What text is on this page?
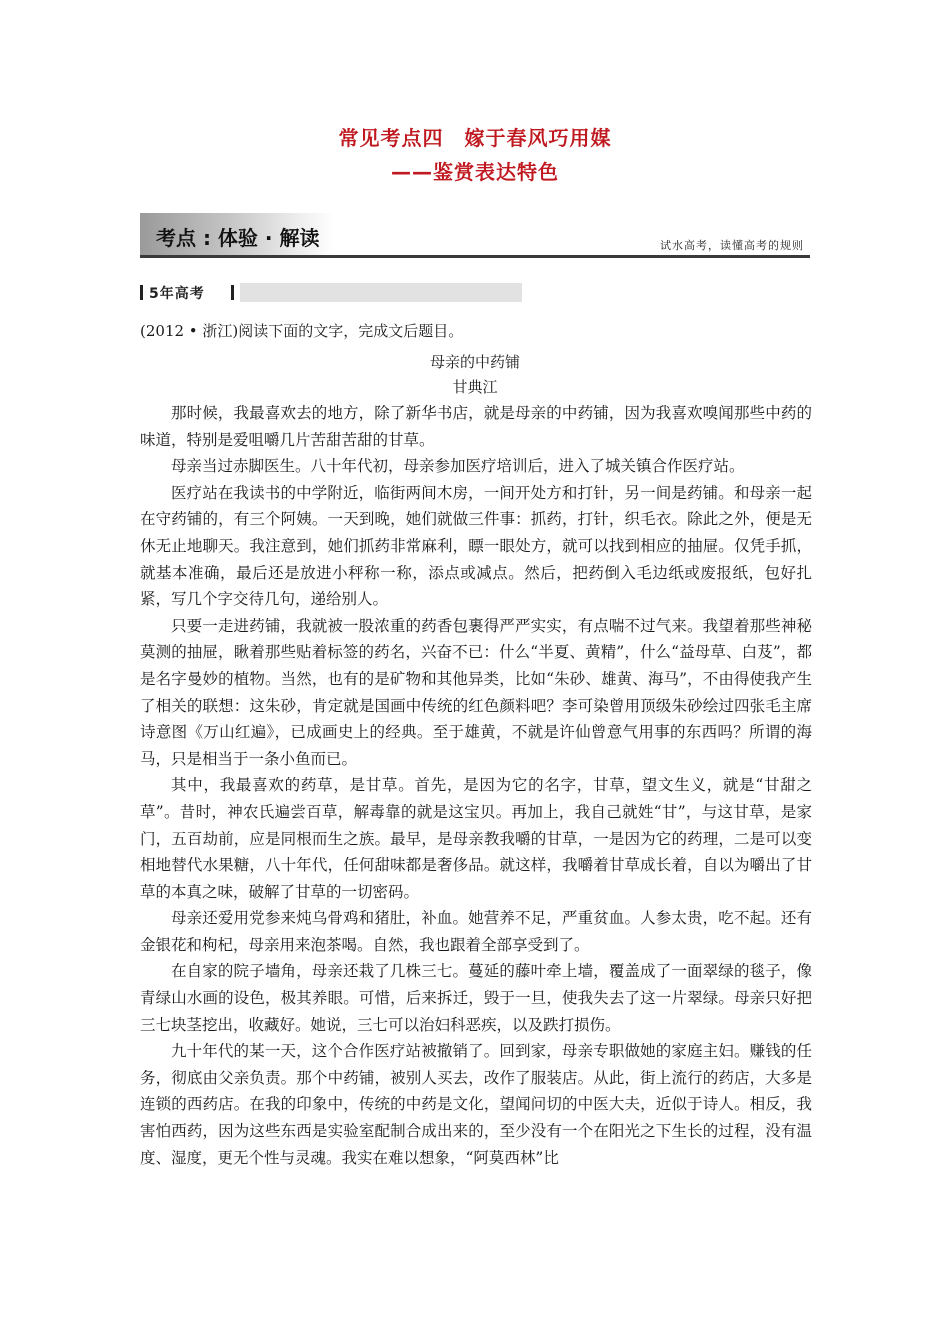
常见考点四　嫁于春风巧用媒
——鉴赏表达特色
考点 : 体验 · 解读	试水高考，读懂高考的规则
5年高考
(2012 • 浙江)阅读下面的文字，完成文后题目。
母亲的中药铺
甘典江

那时候，我最喜欢去的地方，除了新华书店，就是母亲的中药铺，因为我喜欢嗅闻那些中药的味道，特别是爱咀嚼几片苦甜苦甜的甘草。

母亲当过赤脚医生。八十年代初，母亲参加医疗培训后，进入了城关镇合作医疗站。

医疗站在我读书的中学附近，临街两间木房，一间开处方和打针，另一间是药铺。和母亲一起在守药铺的，有三个阿姨。一天到晚，她们就做三件事：抓药，打针，织毛衣。除此之外，便是无休无止地聊天。我注意到，她们抓药非常麻利，瞟一眼处方，就可以找到相应的抽屉。仅凭手抓，就基本准确，最后还是放进小秤称一称，添点或减点。然后，把药倒入毛边纸或废报纸，包好扎紧，写几个字交待几句，递给别人。

只要一走进药铺，我就被一股浓重的药香包裹得严严实实，有点喘不过气来。我望着那些神秘莫测的抽屉，瞅着那些贴着标签的药名，兴奋不已：什么“半夏、黄精”，什么“益母草、白芨”，都是名字曼妙的植物。当然，也有的是矿物和其他异类，比如“朱砂、雄黄、海马”，不由得使我产生了相关的联想：这朱砂，肯定就是国画中传统的红色颜料吧？李可染曾用顶级朱砂绘过四张毛主席诗意图《万山红遍》，已成画史上的经典。至于雄黄，不就是许仙曾意气用事的东西吗？所谓的海马，只是相当于一条小鱼而已。

其中，我最喜欢的药草，是甘草。首先，是因为它的名字，甘草，望文生义，就是“甘甜之草”。昔时，神农氏遍尝百草，解毒靠的就是这宝贝。再加上，我自己就姓“甘”，与这甘草，是家门，五百劫前，应是同根而生之族。最早，是母亲教我嚼的甘草，一是因为它的药理，二是可以变相地替代水果糖，八十年代，任何甜味都是奢侈品。就这样，我嚼着甘草成长着，自以为嚼出了甘草的本真之味，破解了甘草的一切密码。

母亲还爱用党参来炖乌骨鸡和猪肚，补血。她营养不足，严重贫血。人参太贵，吃不起。还有金银花和枸杞，母亲用来泡茶喝。自然，我也跟着全部享受到了。

在自家的院子墙角，母亲还栽了几株三七。蔓延的藤叶牵上墙，覆盖成了一面翠绿的毯子，像青绿山水画的设色，极其养眼。可惜，后来拆迁，毁于一旦，使我失去了这一片翠绿。母亲只好把三七块茎挖出，收藏好。她说，三七可以治妇科恶疾，以及跌打损伤。

九十年代的某一天，这个合作医疗站被撤销了。回到家，母亲专职做她的家庭主妇。赚钱的任务，彻底由父亲负责。那个中药铺，被别人买去，改作了服装店。从此，街上流行的药店，大多是连锁的西药店。在我的印象中，传统的中药是文化，望闻问切的中医大夫，近似于诗人。相反，我害怕西药，因为这些东西是实验室配制合成出来的，至少没有一个在阳光之下生长的过程，没有温度、湿度，更无个性与灵魂。我实在难以想象，“阿莫西林”比
